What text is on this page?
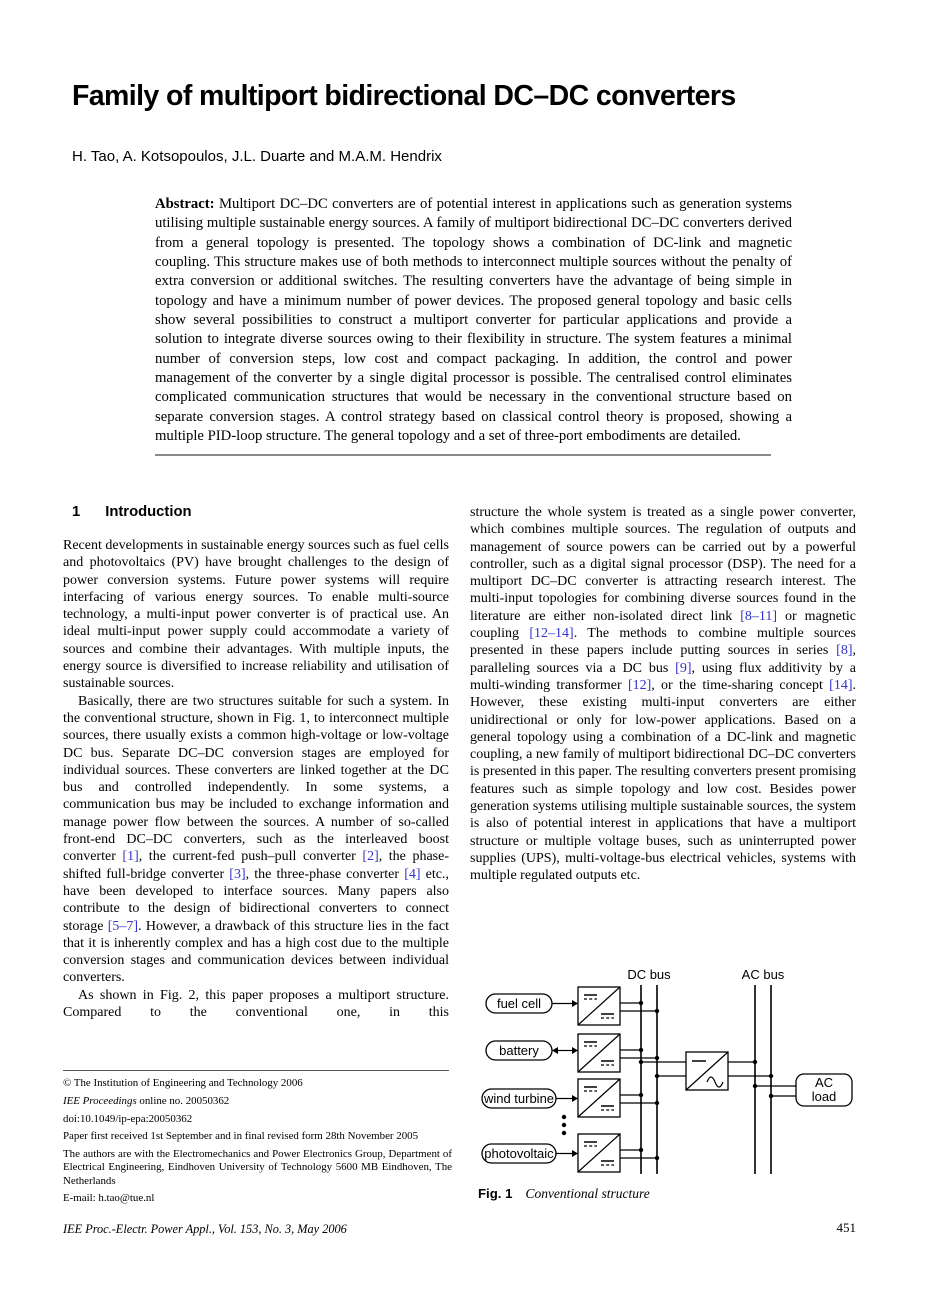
Family of multiport bidirectional DC–DC converters
H. Tao, A. Kotsopoulos, J.L. Duarte and M.A.M. Hendrix
Abstract: Multiport DC–DC converters are of potential interest in applications such as generation systems utilising multiple sustainable energy sources. A family of multiport bidirectional DC–DC converters derived from a general topology is presented. The topology shows a combination of DC-link and magnetic coupling. This structure makes use of both methods to interconnect multiple sources without the penalty of extra conversion or additional switches. The resulting converters have the advantage of being simple in topology and have a minimum number of power devices. The proposed general topology and basic cells show several possibilities to construct a multiport converter for particular applications and provide a solution to integrate diverse sources owing to their flexibility in structure. The system features a minimal number of conversion steps, low cost and compact packaging. In addition, the control and power management of the converter by a single digital processor is possible. The centralised control eliminates complicated communication structures that would be necessary in the conventional structure based on separate conversion stages. A control strategy based on classical control theory is proposed, showing a multiple PID-loop structure. The general topology and a set of three-port embodiments are detailed.
1 Introduction

Recent developments in sustainable energy sources such as fuel cells and photovoltaics (PV) have brought challenges to the design of power conversion systems. Future power systems will require interfacing of various energy sources. To enable multi-source technology, a multi-input power converter is of practical use. An ideal multi-input power supply could accommodate a variety of sources and combine their advantages. With multiple inputs, the energy source is diversified to increase reliability and utilisation of sustainable sources.

Basically, there are two structures suitable for such a system. In the conventional structure, shown in Fig. 1, to interconnect multiple sources, there usually exists a common high-voltage or low-voltage DC bus. Separate DC–DC conversion stages are employed for individual sources. These converters are linked together at the DC bus and controlled independently. In some systems, a communication bus may be included to exchange information and manage power flow between the sources. A number of so-called front-end DC–DC converters, such as the interleaved boost converter [1], the current-fed push–pull converter [2], the phase-shifted full-bridge converter [3], the three-phase converter [4] etc., have been developed to interface sources. Many papers also contribute to the design of bidirectional converters to connect storage [5–7]. However, a drawback of this structure lies in the fact that it is inherently complex and has a high cost due to the multiple conversion stages and communication devices between individual converters.

As shown in Fig. 2, this paper proposes a multiport structure. Compared to the conventional one, in this

structure the whole system is treated as a single power converter, which combines multiple sources. The regulation of outputs and management of source powers can be carried out by a powerful controller, such as a digital signal processor (DSP). The need for a multiport DC–DC converter is attracting research interest. The multi-input topologies for combining diverse sources found in the literature are either non-isolated direct link [8–11] or magnetic coupling [12–14]. The methods to combine multiple sources presented in these papers include putting sources in series [8], paralleling sources via a DC bus [9], using flux additivity by a multi-winding transformer [12], or the time-sharing concept [14]. However, these existing multi-input converters are either unidirectional or only for low-power applications. Based on a general topology using a combination of a DC-link and magnetic coupling, a new family of multiport bidirectional DC–DC converters is presented in this paper. The resulting converters present promising features such as simple topology and low cost. Besides power generation systems utilising multiple sustainable sources, the system is also of potential interest in applications that have a multiport structure or multiple voltage buses, such as uninterrupted power supplies (UPS), multi-voltage-bus electrical vehicles, systems with multiple regulated outputs etc.

© The Institution of Engineering and Technology 2006

IEE Proceedings online no. 20050362

doi:10.1049/ip-epa:20050362

Paper first received 1st September and in final revised form 28th November 2005

The authors are with the Electromechanics and Power Electronics Group, Department of Electrical Engineering, Eindhoven University of Technology 5600 MB Eindhoven, The Netherlands

E-mail: h.tao@tue.nl

DC bus	AC bus
fuel cell
battery
wind turbine
photovoltaic
AC
load
Fig. 1 Conventional structure
IEE Proc.-Electr. Power Appl., Vol. 153, No. 3, May 2006	451
